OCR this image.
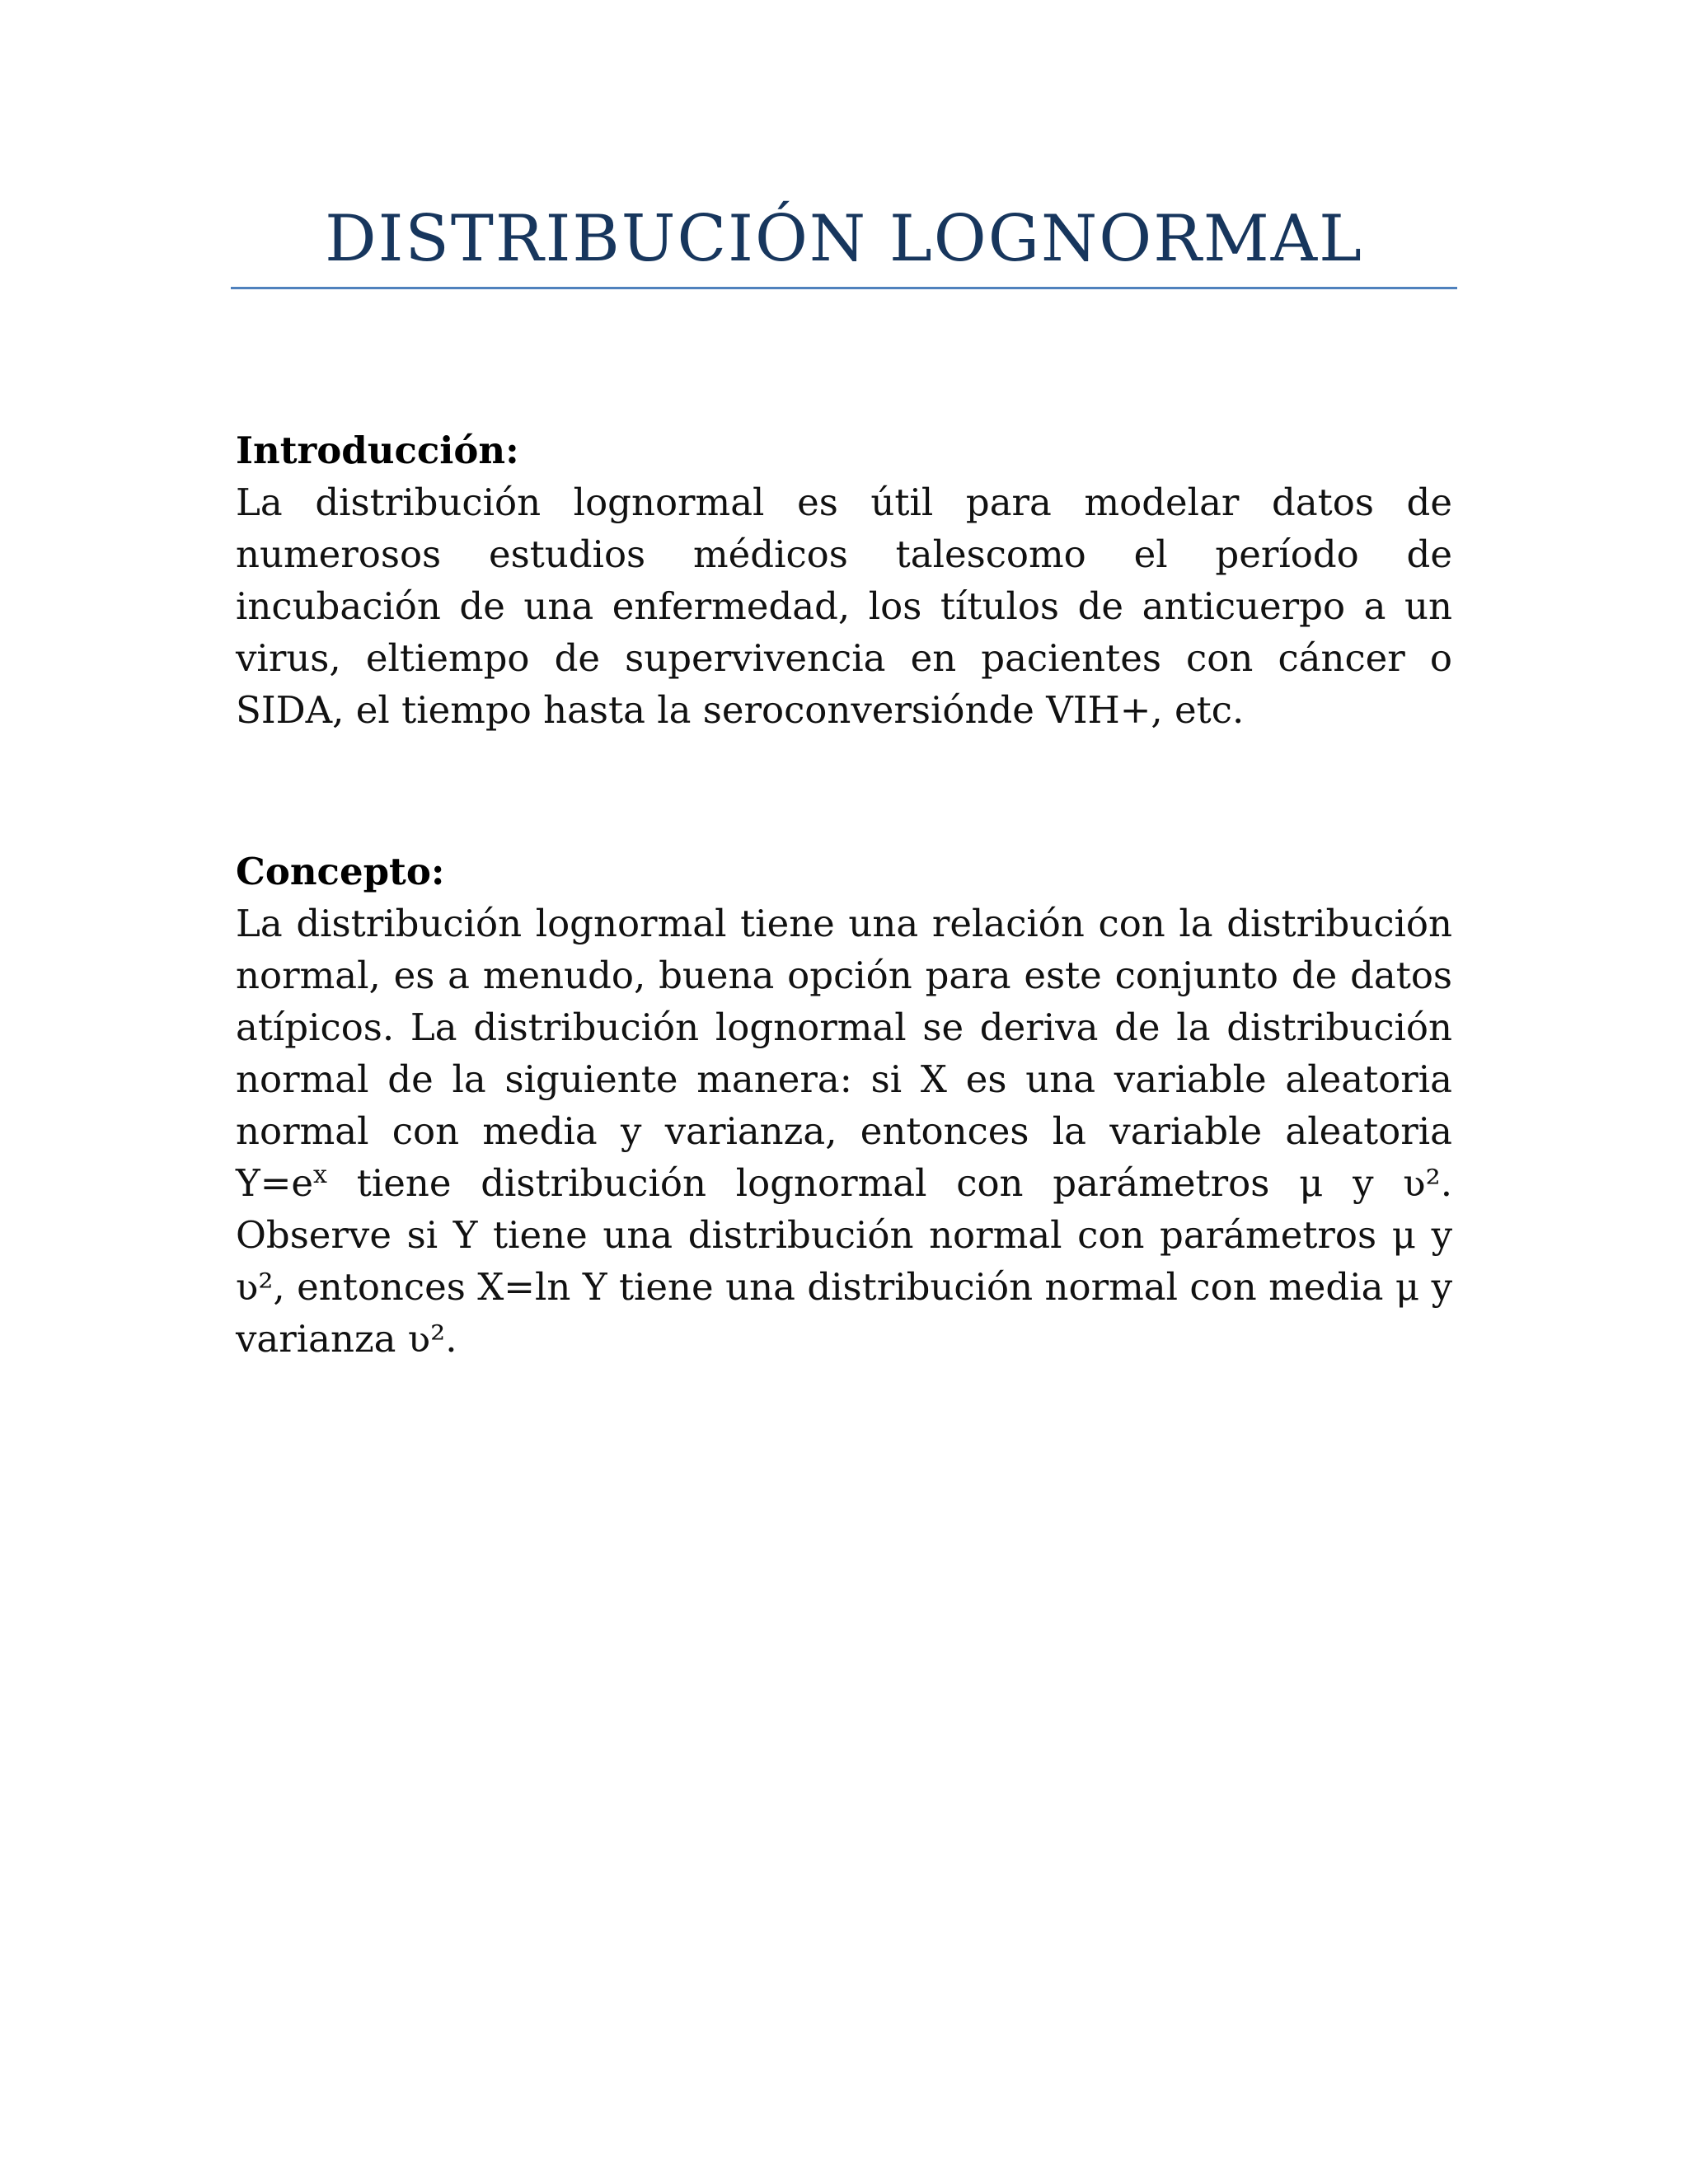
DISTRIBUCIÓN LOGNORMAL
Introducción:

La distribución lognormal es útil para modelar datos de numerosos estudios médicos talescomo el período de incubación de una enfermedad, los títulos de anticuerpo a un virus, eltiempo de supervivencia en pacientes con cáncer o SIDA, el tiempo hasta la seroconversiónde VIH+, etc.

Concepto:

La distribución lognormal tiene una relación con la distribución normal, es a menudo, buena opción para este conjunto de datos atípicos. La distribución lognormal se deriva de la distribución normal de la siguiente manera: si X es una variable aleatoria normal con media y varianza, entonces la variable aleatoria $Y=e^x$ tiene distribución lognormal con parámetros μ y ʋ². Observe si Y tiene una distribución normal con parámetros μ y ʋ², entonces X=ln Y tiene una distribución normal con media μ y varianza ʋ².
